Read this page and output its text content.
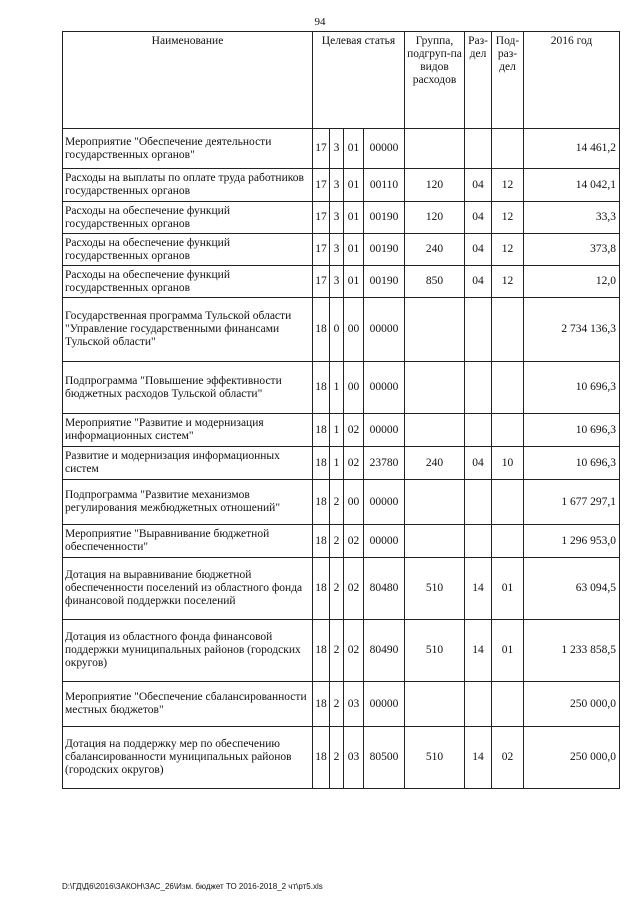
94
Наименование	Целевая статья				Группа, подгруп-па видов расходов	Раз-дел	Под-раз-дел	2016 год
Мероприятие "Обеспечение деятельности государственных органов"	17	3	01	00000				14 461,2
Расходы на выплаты по оплате труда работников государственных органов	17	3	01	00110	120	04	12	14 042,1
Расходы на обеспечение функций государственных органов	17	3	01	00190	120	04	12	33,3
Расходы на обеспечение функций государственных органов	17	3	01	00190	240	04	12	373,8
Расходы на обеспечение функций государственных органов	17	3	01	00190	850	04	12	12,0
Государственная программа Тульской области "Управление государственными финансами Тульской области"	18	0	00	00000				2 734 136,3
Подпрограмма "Повышение эффективности бюджетных расходов Тульской области"	18	1	00	00000				10 696,3
Мероприятие "Развитие и модернизация информационных систем"	18	1	02	00000				10 696,3
Развитие и модернизация информационных систем	18	1	02	23780	240	04	10	10 696,3
Подпрограмма "Развитие механизмов регулирования межбюджетных отношений"	18	2	00	00000				1 677 297,1
Мероприятие "Выравнивание бюджетной обеспеченности"	18	2	02	00000				1 296 953,0
Дотация на выравнивание бюджетной обеспеченности поселений из областного фонда финансовой поддержки поселений	18	2	02	80480	510	14	01	63 094,5
Дотация из областного фонда финансовой поддержки муниципальных районов (городских округов)	18	2	02	80490	510	14	01	1 233 858,5
Мероприятие "Обеспечение сбалансированности местных бюджетов"	18	2	03	00000				250 000,0
Дотация на поддержку мер по обеспечению сбалансированности муниципальных районов (городских округов)	18	2	03	80500	510	14	02	250 000,0
D:\ГД\Д6\2016\ЗАКОН\ЗАС_26\Изм. бюджет ТО 2016-2018_2 чт\рт5.xls
